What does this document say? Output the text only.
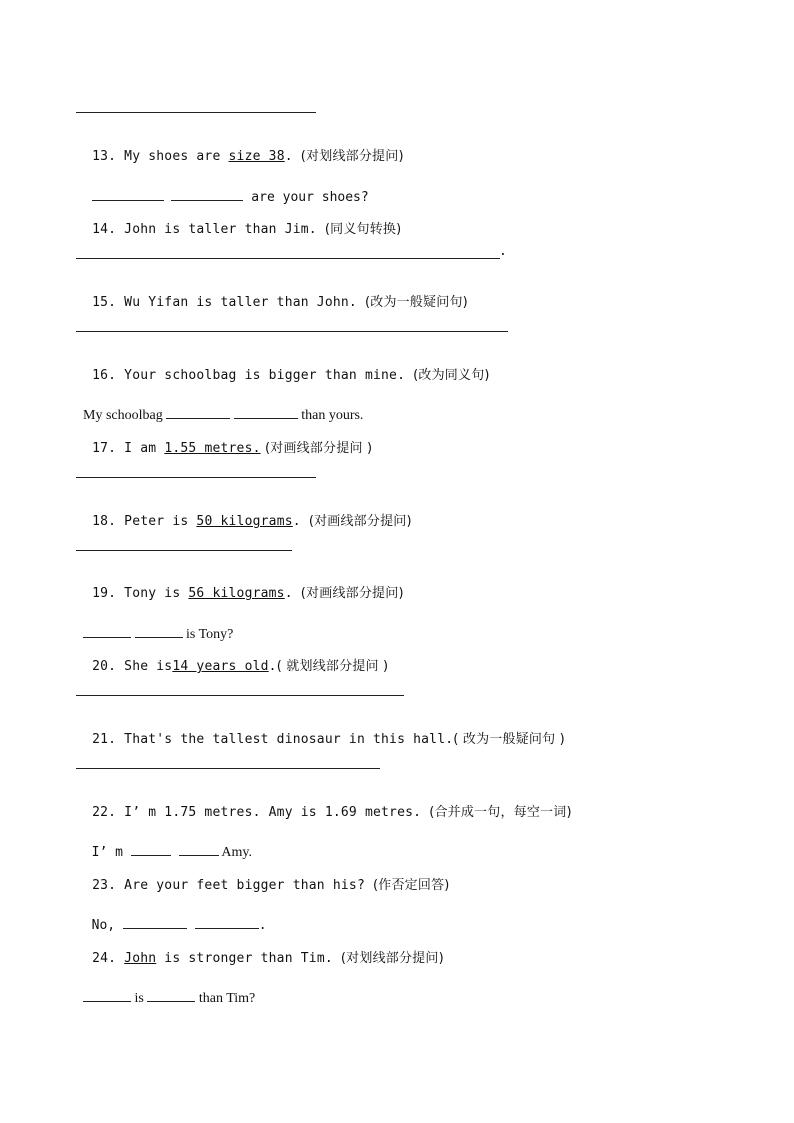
13. My shoes are size 38. (对划线部分提问)

are your shoes?

14. John is taller than Jim. (同义句转换)

.

15. Wu Yifan is taller than John. (改为一般疑问句)

16. Your schoolbag is bigger than mine. (改为同义句)

My schoolbag	than yours.

17. I am 1.55 metres. (对画线部分提问 )

18. Peter is 50 kilograms. (对画线部分提问)

19. Tony is 56 kilograms. (对画线部分提问)

is Tony?

20. She is14 years old.( 就划线部分提问 )

21. That's the tallest dinosaur in this hall.( 改为一般疑问句 )

22. I’ m 1.75 metres. Amy is 1.69 metres. (合并成一句，每空一词)

I’ m	Amy.

23. Are your feet bigger than his? (作否定回答)

No,	.

24. John is stronger than Tim. (对划线部分提问)

is	than Tim?
